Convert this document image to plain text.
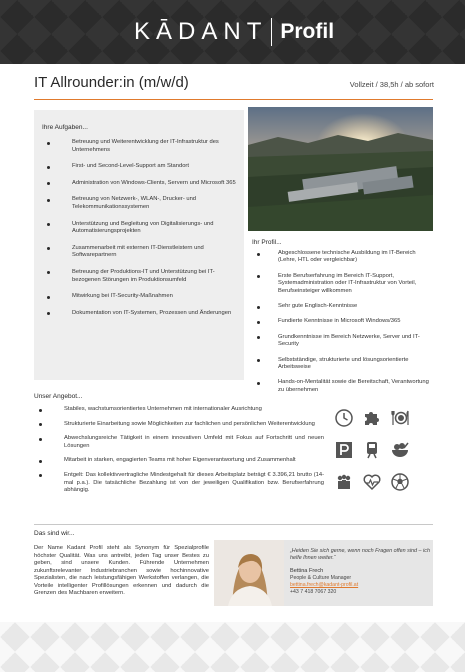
KĀDANT Profil
IT Allrounder:in (m/w/d)	Vollzeit / 38,5h / ab sofort
Ihre Aufgaben...
Betreuung und Weiterentwicklung der IT-Infrastruktur des Unternehmens
First- und Second-Level-Support am Standort
Administration von Windows-Clients, Servern und Microsoft 365
Betreuung von Netzwerk-, WLAN-, Drucker- und Telekommunikationssystemen
Unterstützung und Begleitung von Digitalisierungs- und Automatisierungsprojekten
Zusammenarbeit mit externen IT-Dienstleistern und Softwarepartnern
Betreuung der Produktions-IT und Unterstützung bei IT-bezogenen Störungen im Produktionsumfeld
Mitwirkung bei IT-Security-Maßnahmen
Dokumentation von IT-Systemen, Prozessen und Änderungen
Ihr Profil...
Abgeschlossene technische Ausbildung im IT-Bereich (Lehre, HTL oder vergleichbar)
Erste Berufserfahrung im Bereich IT-Support, Systemadministration oder IT-Infrastruktur von Vorteil, Berufseinsteiger willkommen
Sehr gute Englisch-Kenntnisse
Fundierte Kenntnisse in Microsoft Windows/365
Grundkenntnisse im Bereich Netzwerke, Server und IT-Security
Selbstständige, strukturierte und lösungsorientierte Arbeitsweise
Hands-on-Mentalität sowie die Bereitschaft, Verantwortung zu übernehmen
Unser Angebot...
Stabiles, wachstumsorientiertes Unternehmen mit internationaler Ausrichtung
Strukturierte Einarbeitung sowie Möglichkeiten zur fachlichen und persönlichen Weiterentwicklung
Abwechslungsreiche Tätigkeit in einem innovativen Umfeld mit Fokus auf Fortschritt und neuen Lösungen
Mitarbeit in starken, engagierten Teams mit hoher Eigenverantwortung und Zusammenhalt
Entgelt: Das kollektivvertragliche Mindestgehalt für dieses Arbeitsplatz beträgt € 3.396,21 brutto (14-mal p.a.). Die tatsächliche Bezahlung ist von der jeweiligen Qualifikation bzw. Berufserfahrung abhängig.
Das sind wir...

Der Name Kadant Profil steht als Synonym für Spezialprofile höchster Qualität. Was uns antreibt, jeden Tag unser Bestes zu geben, sind unsere Kunden. Führende Unternehmen zukunftsrelevanter Industriebranchen sowie hochinnovative Spezialisten, die nach leistungsfähigen Werkstoffen verlangen, die Vorteile intelligenter Profillösungen erkennen und dadurch die Grenzen des Machbaren erweitern.

„Heiden Sie sich gerne, wenn noch Fragen offen sind – ich helfe Ihnen weiter.“
Bettina Frech
People & Culture Manager
bettina.frech@kadant-profil.at
+43 7 418 7067 320
